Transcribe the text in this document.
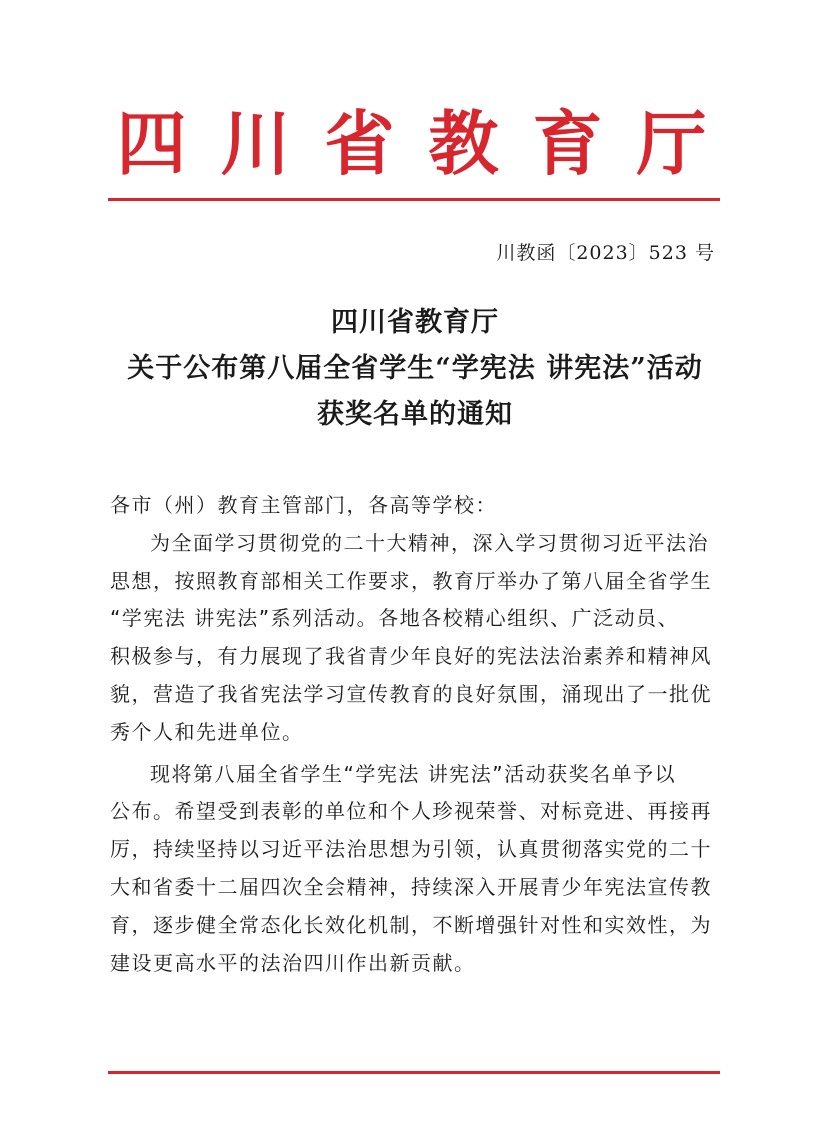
四川省教育厅
川教函〔2023〕523 号
四川省教育厅
关于公布第八届全省学生“学宪法 讲宪法”活动
获奖名单的通知
各市（州）教育主管部门，各高等学校：
为全面学习贯彻党的二十大精神，深入学习贯彻习近平法治
思想，按照教育部相关工作要求，教育厅举办了第八届全省学生
“学宪法 讲宪法”系列活动。各地各校精心组织、广泛动员、
积极参与，有力展现了我省青少年良好的宪法法治素养和精神风
貌，营造了我省宪法学习宣传教育的良好氛围，涌现出了一批优
秀个人和先进单位。
现将第八届全省学生“学宪法 讲宪法”活动获奖名单予以
公布。希望受到表彰的单位和个人珍视荣誉、对标竞进、再接再
厉，持续坚持以习近平法治思想为引领，认真贯彻落实党的二十
大和省委十二届四次全会精神，持续深入开展青少年宪法宣传教
育，逐步健全常态化长效化机制，不断增强针对性和实效性，为
建设更高水平的法治四川作出新贡献。
